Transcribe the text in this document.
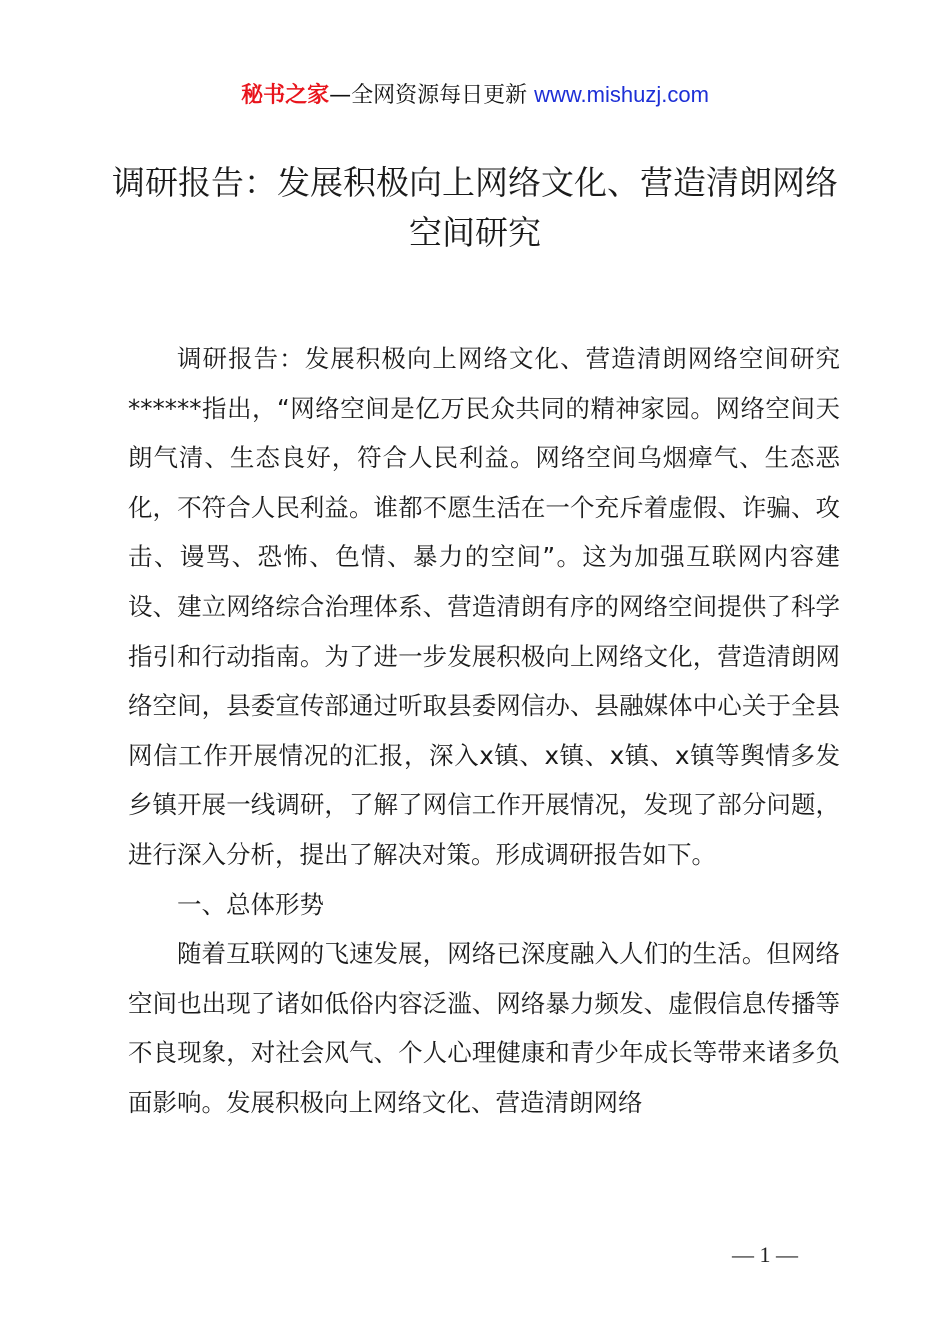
秘书之家—全网资源每日更新 www.mishuzj.com
调研报告：发展积极向上网络文化、营造清朗网络空间研究

调研报告：发展积极向上网络文化、营造清朗网络空间研究******指出，“网络空间是亿万民众共同的精神家园。网络空间天朗气清、生态良好，符合人民利益。网络空间乌烟瘴气、生态恶化，不符合人民利益。谁都不愿生活在一个充斥着虚假、诈骗、攻击、谩骂、恐怖、色情、暴力的空间”。这为加强互联网内容建设、建立网络综合治理体系、营造清朗有序的网络空间提供了科学指引和行动指南。为了进一步发展积极向上网络文化，营造清朗网络空间，县委宣传部通过听取县委网信办、县融媒体中心关于全县网信工作开展情况的汇报，深入x镇、x镇、x镇、x镇等舆情多发乡镇开展一线调研，了解了网信工作开展情况，发现了部分问题，进行深入分析，提出了解决对策。形成调研报告如下。

一、总体形势

随着互联网的飞速发展，网络已深度融入人们的生活。但网络空间也出现了诸如低俗内容泛滥、网络暴力频发、虚假信息传播等不良现象，对社会风气、个人心理健康和青少年成长等带来诸多负面影响。发展积极向上网络文化、营造清朗网络

— 1 —
